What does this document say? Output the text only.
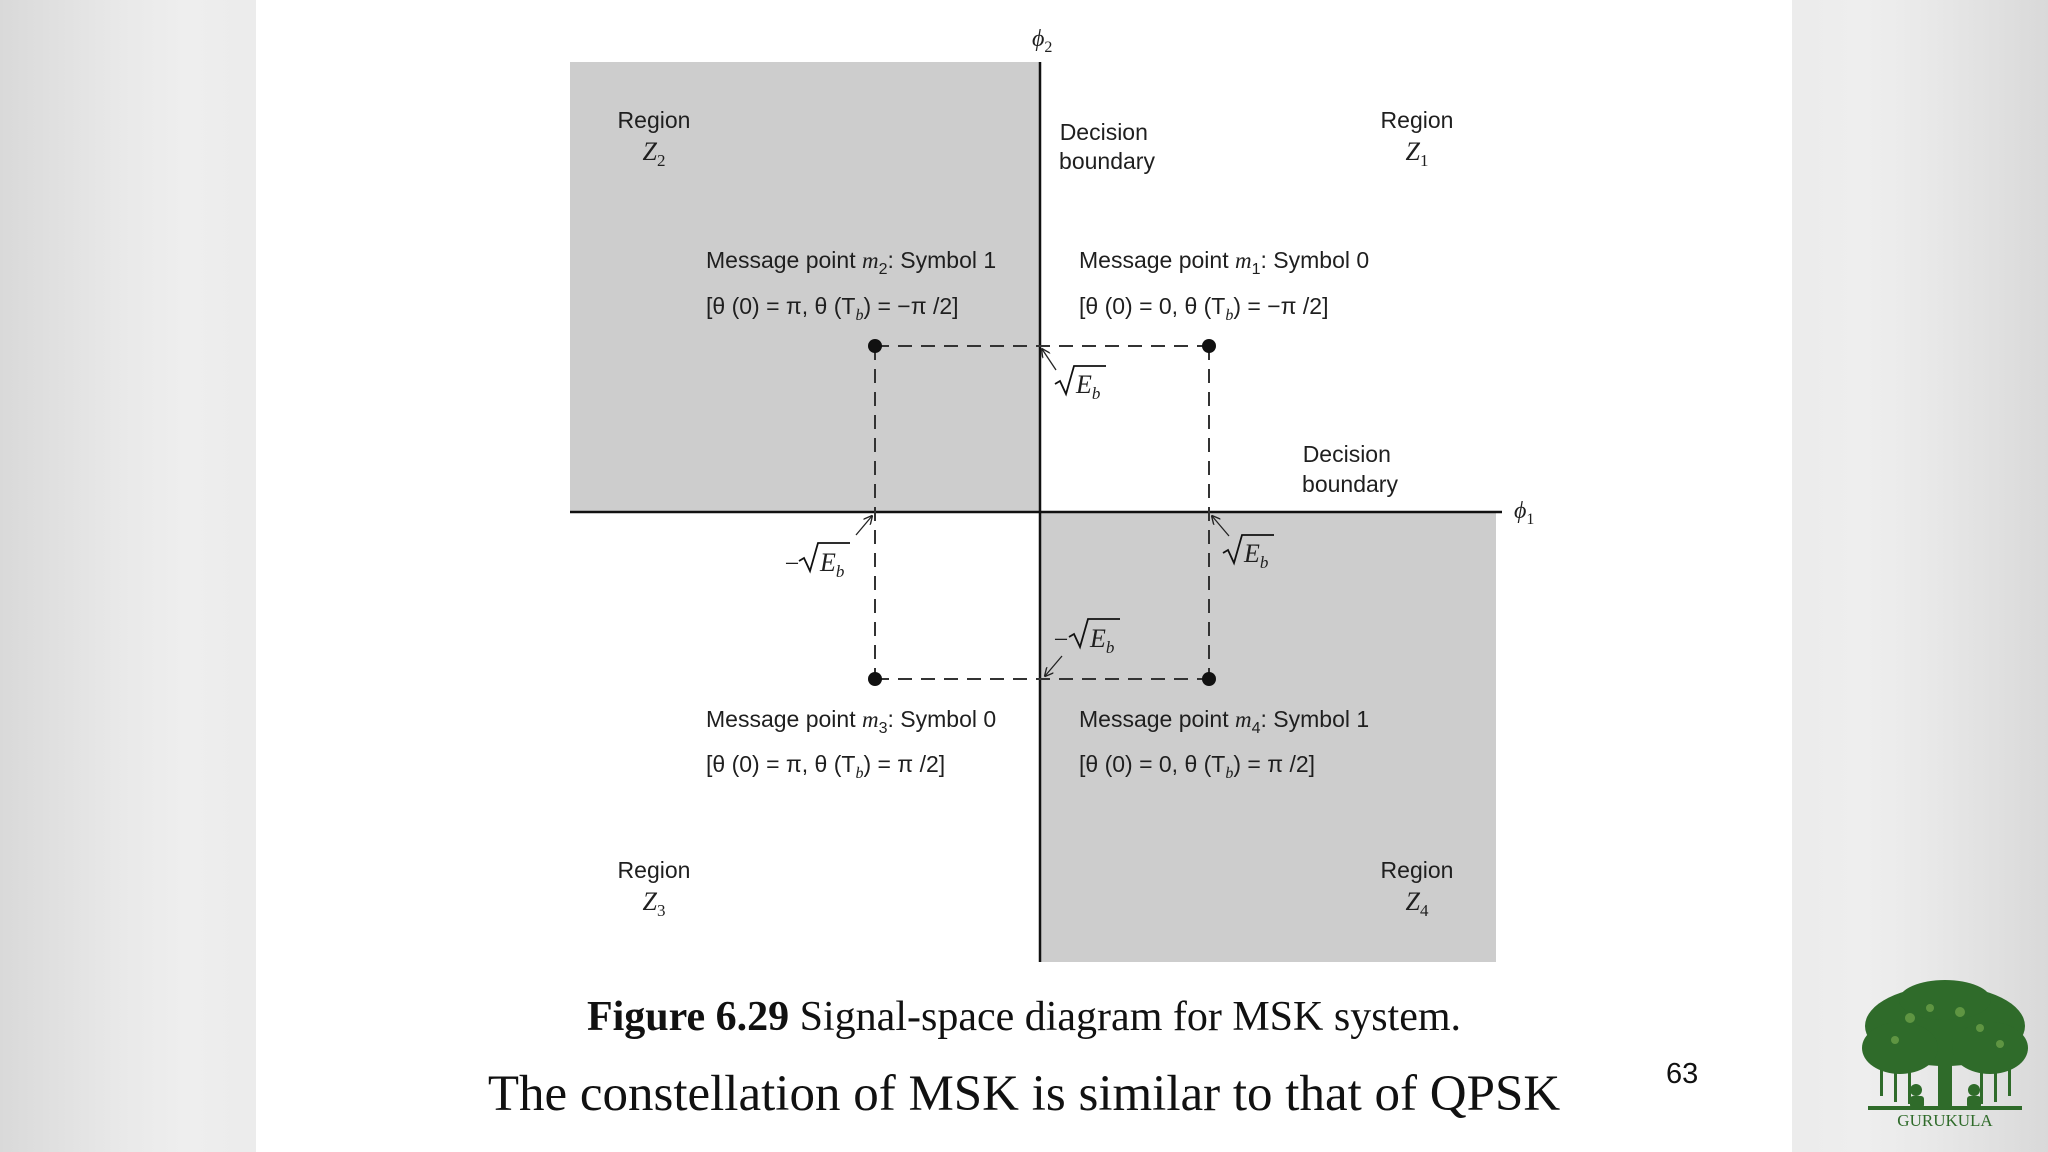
$\phi_2$
$\phi_1$
Decision boundary
Decision boundary
Region
$Z_1$
Region
$Z_2$
Region
$Z_3$
Region
$Z_4$
Message point $m_1$: Symbol 0
[θ (0) = 0, θ $(T_b) = -\pi$ /2]
Message point $m_2$: Symbol 1
[θ (0) = π, θ $(T_b) = -\pi$ /2]
Message point $m_3$: Symbol 0
[θ (0) = π, θ $(T_b) = \pi$ /2]
Message point $m_4$: Symbol 1
[θ (0) = 0, θ $(T_b) = \pi$ /2]
$E_b$
$E_b$
− $E_b$
− $E_b$
Figure 6.29 Signal-space diagram for MSK system.
The constellation of MSK is similar to that of QPSK	63
GURUKULA
